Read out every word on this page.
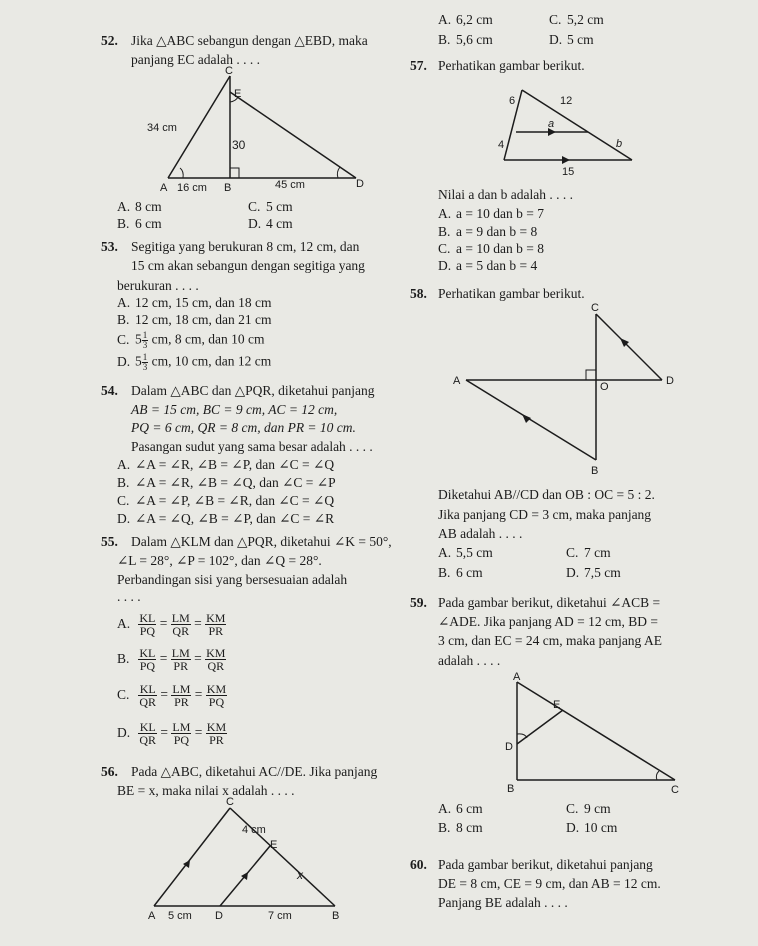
A. 6,2 cm	C. 5,2 cm
B. 5,6 cm	D. 5 cm
52. Jika △ABC sebangun dengan △EBD, maka
panjang EC adalah . . . .
C
E
34 cm
30
A 16 cm B	45 cm	D
A. 8 cm	C. 5 cm
B. 6 cm	D. 4 cm
53. Segitiga yang berukuran 8 cm, 12 cm, dan
15 cm akan sebangun dengan segitiga yang
berukuran . . . .
A. 12 cm, 15 cm, dan 18 cm
B. 12 cm, 18 cm, dan 21 cm
C. $5 \frac{1}{3}$ cm, 8 cm, dan 10 cm
D. $5 \frac{1}{3}$ cm, 10 cm, dan 12 cm
54. Dalam △ABC dan △PQR, diketahui panjang
AB = 15 cm, BC = 9 cm, AC = 12 cm,
PQ = 6 cm, QR = 8 cm, dan PR = 10 cm.
Pasangan sudut yang sama besar adalah . . . .
A. ∠A = ∠R, ∠B = ∠P, dan ∠C = ∠Q
B. ∠A = ∠R, ∠B = ∠Q, dan ∠C = ∠P
C. ∠A = ∠P, ∠B = ∠R, dan ∠C = ∠Q
D. ∠A = ∠Q, ∠B = ∠P, dan ∠C = ∠R
55. Dalam △KLM dan △PQR, diketahui ∠K = 50°,
∠L = 28°, ∠P = 102°, dan ∠Q = 28°.
Perbandingan sisi yang bersesuaian adalah
. . . .
A. $\frac{KL}{PQ} = \frac{LM}{QR} = \frac{KM}{PR}$
B. $\frac{KL}{PQ} = \frac{LM}{PR} = \frac{KM}{QR}$
C. $\frac{KL}{QR} = \frac{LM}{PR} = \frac{KM}{PQ}$
D. $\frac{KL}{QR} = \frac{LM}{PQ} = \frac{KM}{PR}$
56. Pada △ABC, diketahui AC//DE. Jika panjang
BE = x, maka nilai x adalah . . . .
C
4 cm
E
x
A 5 cm D	7 cm	B
57. Perhatikan gambar berikut.
6	12
4
a
b
15
Nilai a dan b adalah . . . .
A. a = 10 dan b = 7
B. a = 9 dan b = 8
C. a = 10 dan b = 8
D. a = 5 dan b = 4
58. Perhatikan gambar berikut.
C
A	O	D
B
Diketahui AB//CD dan OB : OC = 5 : 2.
Jika panjang CD = 3 cm, maka panjang
AB adalah . . . .
A. 5,5 cm	C. 7 cm
B. 6 cm	D. 7,5 cm
59. Pada gambar berikut, diketahui ∠ACB =
∠ADE. Jika panjang AD = 12 cm, BD =
3 cm, dan EC = 24 cm, maka panjang AE
adalah . . . .
A
E
D
B	C
A. 6 cm	C. 9 cm
B. 8 cm	D. 10 cm
60. Pada gambar berikut, diketahui panjang
DE = 8 cm, CE = 9 cm, dan AB = 12 cm.
Panjang BE adalah . . . .
